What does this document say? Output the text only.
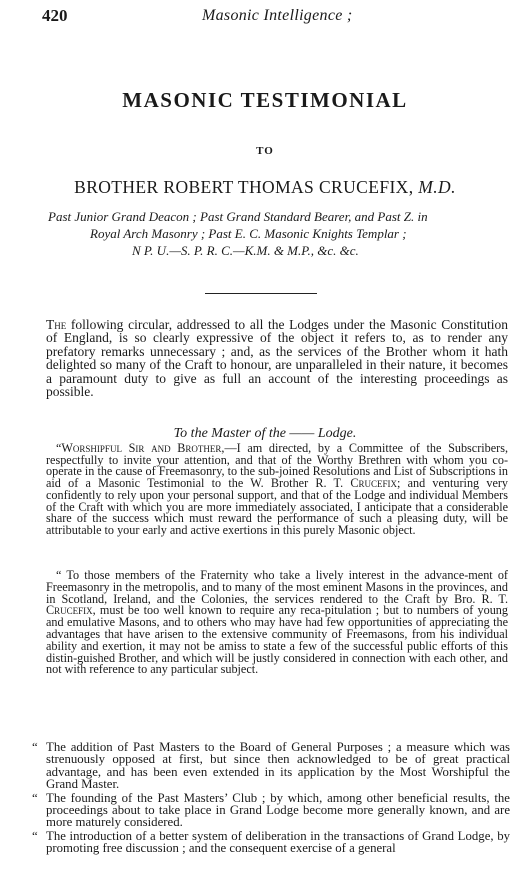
420	Masonic Intelligence ;
MASONIC TESTIMONIAL
TO
BROTHER ROBERT THOMAS CRUCEFIX, M.D.
Past Junior Grand Deacon ; Past Grand Standard Bearer, and Past Z. in
Royal Arch Masonry ; Past E. C. Masonic Knights Templar ;
N P. U.—S. P. R. C.—K.M. & M.P., &c. &c.

The following circular, addressed to all the Lodges under the Masonic Constitution of England, is so clearly expressive of the object it refers to, as to render any prefatory remarks unnecessary ; and, as the services of the Brother whom it hath delighted so many of the Craft to honour, are unparalleled in their nature, it becomes a paramount duty to give as full an account of the interesting proceedings as possible.

To the Master of the —— Lodge.

“Worshipful Sir and Brother,—I am directed, by a Committee of the Subscribers, respectfully to invite your attention, and that of the Worthy Brethren with whom you co-operate in the cause of Freemasonry, to the sub-joined Resolutions and List of Subscriptions in aid of a Masonic Testimonial to the W. Brother R. T. Crucefix; and venturing very confidently to rely upon your personal support, and that of the Lodge and individual Members of the Craft with which you are more immediately associated, I anticipate that a considerable share of the success which must reward the performance of such a pleasing duty, will be attributable to your early and active exertions in this purely Masonic object.

“ To those members of the Fraternity who take a lively interest in the advance-ment of Freemasonry in the metropolis, and to many of the most eminent Masons in the provinces, and in Scotland, Ireland, and the Colonies, the services rendered to the Craft by Bro. R. T. Crucefix, must be too well known to require any reca-pitulation ; but to numbers of young and emulative Masons, and to others who may have had few opportunities of appreciating the advantages that have arisen to the extensive community of Freemasons, from his individual ability and exertion, it may not be amiss to state a few of the successful public efforts of this distin-guished Brother, and which will be justly considered in connection with each other, and not with reference to any particular subject.

“ The addition of Past Masters to the Board of General Purposes ; a measure which was strenuously opposed at first, but since then acknowledged to be of great practical advantage, and has been even extended in its application by the Most Worshipful the Grand Master.
“ The founding of the Past Masters’ Club ; by which, among other beneficial results, the proceedings about to take place in Grand Lodge become more generally known, and are more maturely considered.
“ The introduction of a better system of deliberation in the transactions of Grand Lodge, by promoting free discussion ; and the consequent exercise of a general
